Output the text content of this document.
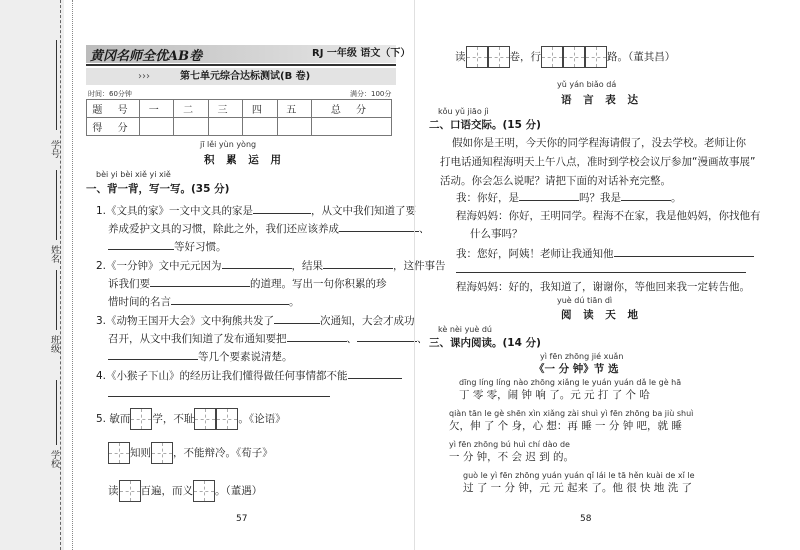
学号
姓名
班级
学校
黄冈名师全优AB卷	RJ 一年级 语文（下）
›››	第七单元综合达标测试(B 卷)
时间：60分钟	满分：100分
题 号	一	二	三	四	五	总 分
得 分						
jī lěi yùn yòng
积 累 运 用
bèi yi bèi xiě yi xiě
一、背一背，写一写。(35 分)
1.《文具的家》一文中文具的家是	，从文中我们知道了要
养成爱护文具的习惯，除此之外，我们还应该养成	、
等好习惯。
2.《一分钟》文中元元因为	，结果	，这件事告
诉我们要	的道理。写出一句你积累的珍
惜时间的名言	。
3.《动物王国开大会》文中狗熊共发了	次通知，大会才成功
召开，从文中我们知道了发布通知要把	、	、
等几个要素说清楚。
4.《小猴子下山》的经历让我们懂得做任何事情都不能
5. 敏而 学，不耻	。《论语》
知则 ，不能辩冷。《荀子》
读 百遍，而义 。（董遇）
57
读	卷，行	路。（董其昌）
yǔ yán biǎo dá
语 言 表 达
kǒu yǔ jiāo jì
二、口语交际。(15 分)
假如你是王明，今天你的同学程海请假了，没去学校。老师让你
打电话通知程海明天上午八点，准时到学校会议厅参加“漫画故事展”
活动。你会怎么说呢？请把下面的对话补充完整。
我：你好，是	吗？我是	。
程海妈妈：你好，王明同学。程海不在家，我是他妈妈，你找他有
什么事吗？
我：您好，阿姨！老师让我通知他
程海妈妈：好的，我知道了，谢谢你，等他回来我一定转告他。
yuè dú tiān dì
阅 读 天 地
kè nèi yuè dú
三、课内阅读。(14 分)
yì fēn zhōng jié xuǎn
《一 分 钟》节 选
dīng líng líng nào zhōng xiǎng le yuán yuán dǎ le gè hā
丁 零 零，闹 钟 响 了。元 元 打 了 个 哈
qiàn tān le gè shēn xìn xiǎng zài shuì yì fēn zhōng ba jiù shuì
欠，伸 了 个 身，心 想：再 睡 一 分 钟 吧，就 睡
yì fēn zhōng bú huì chí dào de
一 分 钟，不 会 迟 到 的。
guò le yì fēn zhōng yuán yuán qǐ lái le tā hěn kuài de xǐ le
过 了 一 分 钟，元 元 起来 了。他 很 快 地 洗 了
58
